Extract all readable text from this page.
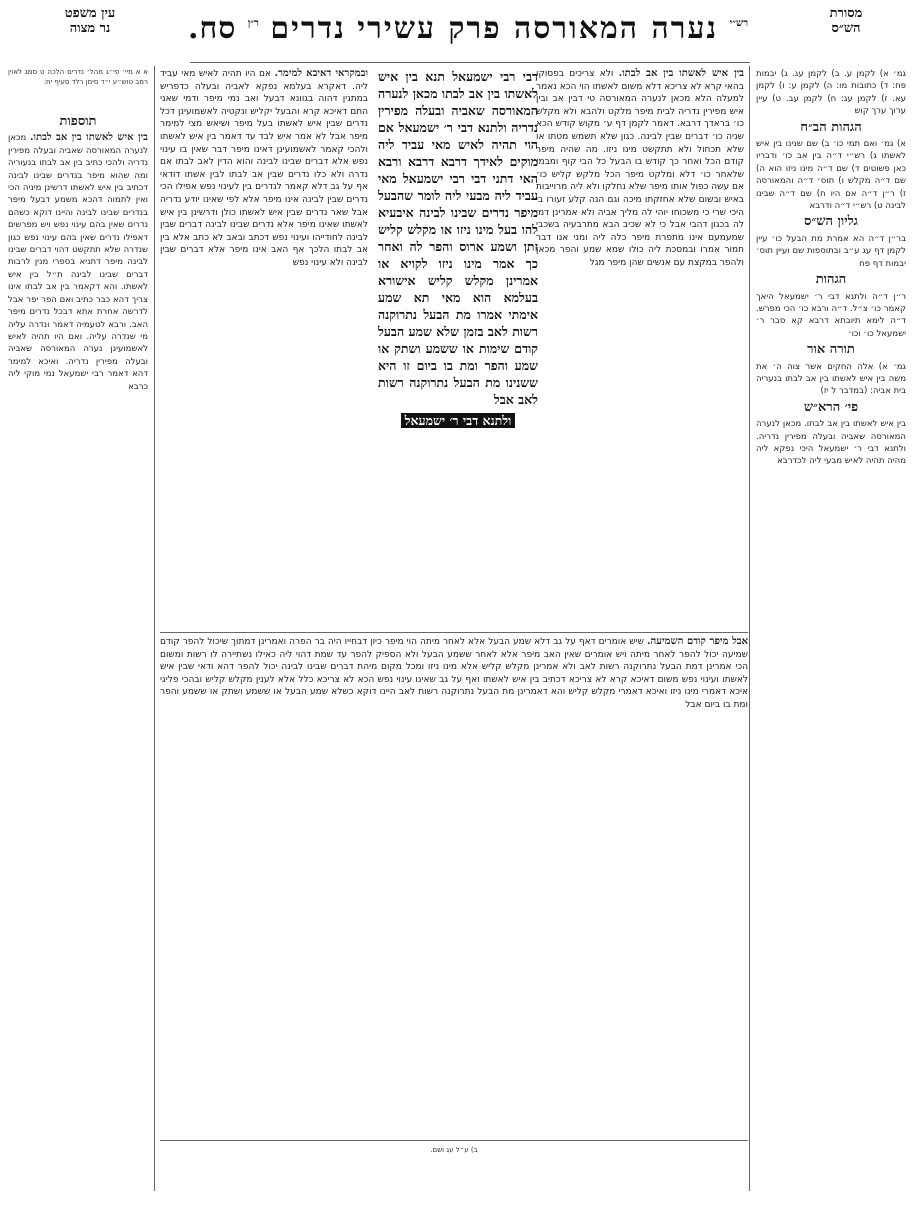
מסורת
הש״ס
עין משפט
נר מצוה	רש״י
נערה המאורסה פרק עשירי
נדרים
ר״ן
סח.

גמ׳ א) לקמן ע. ב) לקמן עג. ג) יבמות פח: ד) כתובות מו: ה) לקמן ע: ו) לקמן עא. ז) לקמן עג: ח) לקמן עב. ט) עיין ערוך ערך קוש

הגהות הב״ח

א) גמ׳ ואם תמי כו׳ ב) שם שנינו בין איש לאשתו ג) רש״י ד״ה בין אב כו׳ ודבריו כאן פשוטים ד) שם ד״ה מינו ניזו הוא ה) שם ד״ה מקלש ו) תוס׳ ד״ה והמאורסה ז) ר״ן ד״ה אם היו ח) שם ד״ה שבינו לבינה ט) רש״י ד״ה ודרבא

גליון הש״ס

בר״ן ד״ה הא אמרת מת הבעל כו׳ עיין לקמן דף עג ע״ב ובתוספות שם ועיין תוס׳ יבמות דף פח

הגהות

ר״ן ד״ה ולתנא דבי ר׳ ישמעאל היאך קאמר כו׳ צ״ל. ד״ה ורבא כו׳ הכי מפרש. ד״ה לימא תיובתא דרבא קא סבר ר׳ ישמעאל כו׳ וכו׳

תורה אור

גמ׳ א) אלה החקים אשר צוה ה׳ את משה בין איש לאשתו בין אב לבתו בנעריה בית אביה: (במדבר ל יז)

פי׳ הרא״ש

בין איש לאשתו בין אב לבתו. מכאן לנערה המאורסה שאביה ובעלה מפירין נדריה. ולתנא דבי ר׳ ישמעאל היכי נפקא ליה מהיה תהיה לאיש מבעי ליה לכדרבא

א א מיי׳ פי״ג מהל׳ נדרים הלכה ט סמג לאוין רמב טוש״ע י״ד סימן רלד סעיף יח:
תוספות

בין איש לאשתו בין אב לבתו. מכאן לנערה המאורסה שאביה ובעלה מפירין נדריה ולהכי כתיב בין אב לבתו בנעוריה ומה שהוא מיפר בנדרים שבינו לבינה דכתיב בין איש לאשתו דרשינן מיניה הכי ואין לתמוה דהכא משמע דבעל מיפר בנדרים שבינו לבינה והיינו דוקא כשהם נדרים שאין בהם עינוי נפש ויש מפרשים דאפילו נדרים שאין בהם עינוי נפש כגון שנדרה שלא תתקשט דהוי דברים שבינו לבינה מיפר דתניא בספרי מנין לרבות דברים שבינו לבינה ת״ל בין איש לאשתו. והא דקאמר בין אב לבתו אינו צריך דהא כבר כתיב ואם הפר יפר אבל לדרשה אחרת אתא דבכל נדרים מיפר האב. ורבא לטעמיה דאמר ונדרה עליה מי שנדרה עליה. ואם היו תהיה לאיש לאשמועינן נערה המאורסה שאביה ובעלה מפירין נדריה. ואיכא למימר דהא דאמר רבי ישמעאל נמי מוקי ליה כרבא

בין איש לאשתו בין אב לבתו. ולא צריכים בפסוקו בהאי קרא לא צריכא דלא משום לאשתו הוי הכא נאמר למעלה הלא מכאן לנערה המאורסה טי דבין אב ובין איש מפירין נדריה לבית מיפר מלקט ולהבא ולא מקלש כו׳ בראדך דרבא. דאמר לקמן דף ע׳ מקוש קודש הכא שניה כו׳ דברים שבין לבינה. כגון שלא תשמש מטתו או שלא תכחול ולא תתקשט מינו ניזו. מה שהיה מיפר קודם הכל ואחר כך קודש בו הבעל כל הבי קוף ומבמו שלאחר כו׳ דלא ומלקט מיפר הכל מלקש קליש כו׳ אם עשה כפול אותו מיפר שלא נחלקו ולא ליה מרוייבות באיש ובשום שלא אחזקתו מיכה וגם הנה קלע זעורו בי היכי שרי כי משכוחו יוהי לה מליך אביה ולא אמרינן דמי לה בכגון דהבי אבל כי לא שכיב הבא מתרבעיה בשכבי שמעמעם אינו מתפרת מיפר כלה ליה ומני אנו דבר חמור אמרו ובמסכת ליה כולו שמא שמע והפר מכאן ולהפר במקצת עם אנשים שהן מיפר מגל

ובמקראי דאיבא למימר. אם היו תהיה לאיש מאי עביד ליה. דאקרא בעלמא נפקא לאביה ובעלה כדפריש במתנין דהוה בגוונא דבעל ואב נמי מיפר ודמי שאני התם דאיכא קרא והבעל יקליש ונקטיה לאשמועינן דכל נדרים שבין איש לאשתו בעל מיפר ושיאש מצי למימר מיפר אבל לא אמר איש לבד עד דאמר בין איש לאשתו ולהכי קאמר לאשמועינן דאינו מיפר דבר שאין בו עינוי נפש אלא דברים שבינו לבינה והוא הדין לאב לבתו אם נדרה ולא כלו נדרים שבין אב לבתו לבין אשתו דודאי אף על גב דלא קאמר לנדרים בין לעינוי נפש אפילו הכי נדרים שבין לבינה אינו מיפר אלא לפי שאינו יודע נדריה אבל שאר נדרים שבין איש לאשתו כולן ודרשינן בין איש לאשתו שאינו מיפר אלא נדרים שבינו לבינה דברים שבין לבינה לחודייהו ועינוי נפש דכתב ובאב לא כתב אלא בין אב לבתו הלכך אף האב אינו מיפר אלא דברים שבין לבינה ולא עינוי נפש

דבי רבי ישמעאל תנא בין איש לאשתו בין אב לבתו מכאן לנערה המאורסה שאביה ובעלה מפירין נדריה ולתנא דבי ר׳ ישמעאל אם הוי תהיה לאיש מאי עביד ליה מוקים לאידך דרבא דרבא ורבא האי דתני דבי רבי ישמעאל מאי עביד ליה מבעי ליה לומר שהבעל מיפר נדרים שבינו לבינה איבעיא להו בעל מינו ניזו או מקלש קליש זתן ושמע ארוס והפר לה ואחר כך אמר מינו ניזו לקויא או אמרינן מקלש קליש אישורא בעלמא הוא מאי תא שמע אימתי אמרו מת הבעל נתרוקנה רשות לאב בזמן שלא שמע הבעל קודם שימות או ששמע ושתק או שמע והפר ומת בו ביום זו היא ששנינו מת הבעל נתרוקנה רשות לאב אבל

ולתנא דבי ר׳ ישמעאל

אבל מיפר קודם השמיעה. שיש אומרים דאף על גב דלא שמע הבעל אלא לאחר מיתה הוי מיפר כיון דבחייו היה בר הפרה ואמרינן דמתוך שיכול להפר קודם שמיעה יכול להפר לאחר מיתה ויש אומרים שאין האב מיפר אלא לאחר ששמע הבעל ולא הספיק להפר עד שמת דהוי ליה כאילו נשתיירה לו רשות ומשום הכי אמרינן דמת הבעל נתרוקנה רשות לאב ולא אמרינן מקלש קליש אלא מינו ניזו ומכל מקום מיהת דברים שבינו לבינה יכול להפר דהא ודאי שבין איש לאשתו ועינוי נפש משום דאיכא קרא לא צריכא דכתיב בין איש לאשתו ואף על גב שאינו עינוי נפש הכא לא צריכא כלל אלא לענין מקלש קליש ובהכי פליגי איכא דאמרי מינו ניזו ואיכא דאמרי מקלש קליש והא דאמרינן מת הבעל נתרוקנה רשות לאב היינו דוקא כשלא שמע הבעל או ששמע ושתק או ששמע והפר ומת בו ביום אבל

ב) ע״ל עג ושם.
